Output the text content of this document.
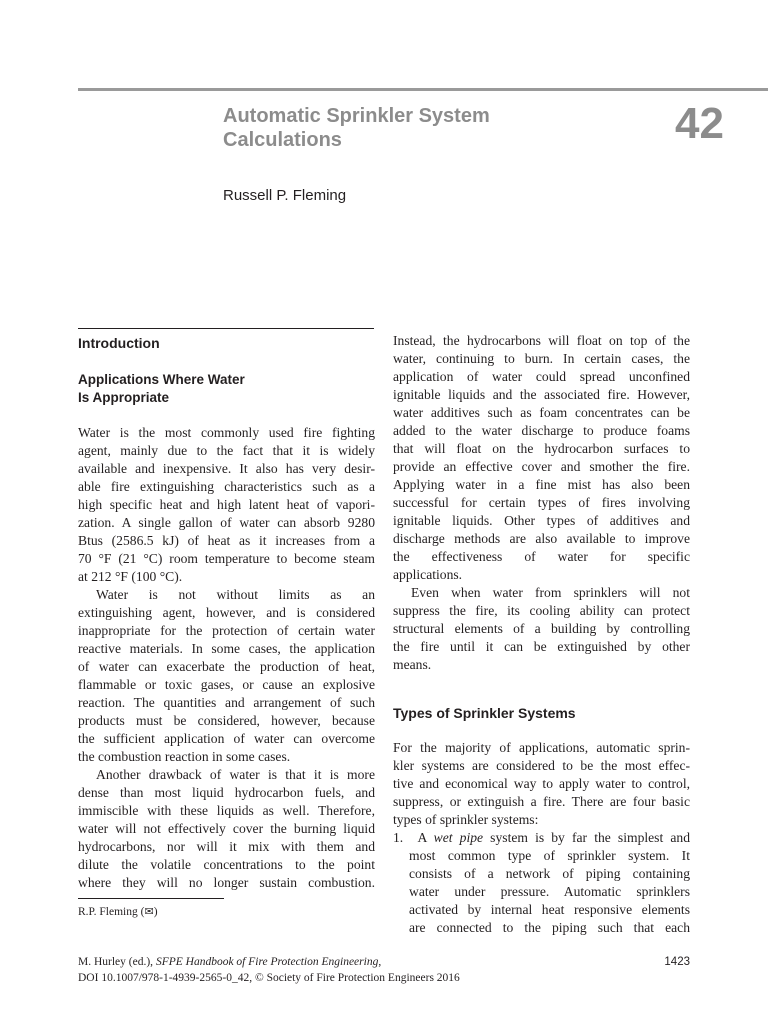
Automatic Sprinkler System
Calculations	42
Russell P. Fleming
Introduction
Applications Where Water
Is Appropriate
Water is the most commonly used fire fighting
agent, mainly due to the fact that it is widely
available and inexpensive. It also has very desir-
able fire extinguishing characteristics such as a
high specific heat and high latent heat of vapori-
zation. A single gallon of water can absorb 9280
Btus (2586.5 kJ) of heat as it increases from a
70 °F (21 °C) room temperature to become steam
at 212 °F (100 °C).
Water is not without limits as an
extinguishing agent, however, and is considered
inappropriate for the protection of certain water
reactive materials. In some cases, the application
of water can exacerbate the production of heat,
flammable or toxic gases, or cause an explosive
reaction. The quantities and arrangement of such
products must be considered, however, because
the sufficient application of water can overcome
the combustion reaction in some cases.
Another drawback of water is that it is more
dense than most liquid hydrocarbon fuels, and
immiscible with these liquids as well. Therefore,
water will not effectively cover the burning liquid
hydrocarbons, nor will it mix with them and
dilute the volatile concentrations to the point
where they will no longer sustain combustion.
R.P. Fleming (✉)
Instead, the hydrocarbons will float on top of the
water, continuing to burn. In certain cases, the
application of water could spread unconfined
ignitable liquids and the associated fire. However,
water additives such as foam concentrates can be
added to the water discharge to produce foams
that will float on the hydrocarbon surfaces to
provide an effective cover and smother the fire.
Applying water in a fine mist has also been
successful for certain types of fires involving
ignitable liquids. Other types of additives and
discharge methods are also available to improve
the effectiveness of water for specific
applications.
Even when water from sprinklers will not
suppress the fire, its cooling ability can protect
structural elements of a building by controlling
the fire until it can be extinguished by other
means.
Types of Sprinkler Systems
For the majority of applications, automatic sprin-
kler systems are considered to be the most effec-
tive and economical way to apply water to control,
suppress, or extinguish a fire. There are four basic
types of sprinkler systems:
1. A wet pipe system is by far the simplest and
most common type of sprinkler system. It
consists of a network of piping containing
water under pressure. Automatic sprinklers
activated by internal heat responsive elements
are connected to the piping such that each
M. Hurley (ed.), SFPE Handbook of Fire Protection Engineering,
DOI 10.1007/978-1-4939-2565-0_42, © Society of Fire Protection Engineers 2016
1423
